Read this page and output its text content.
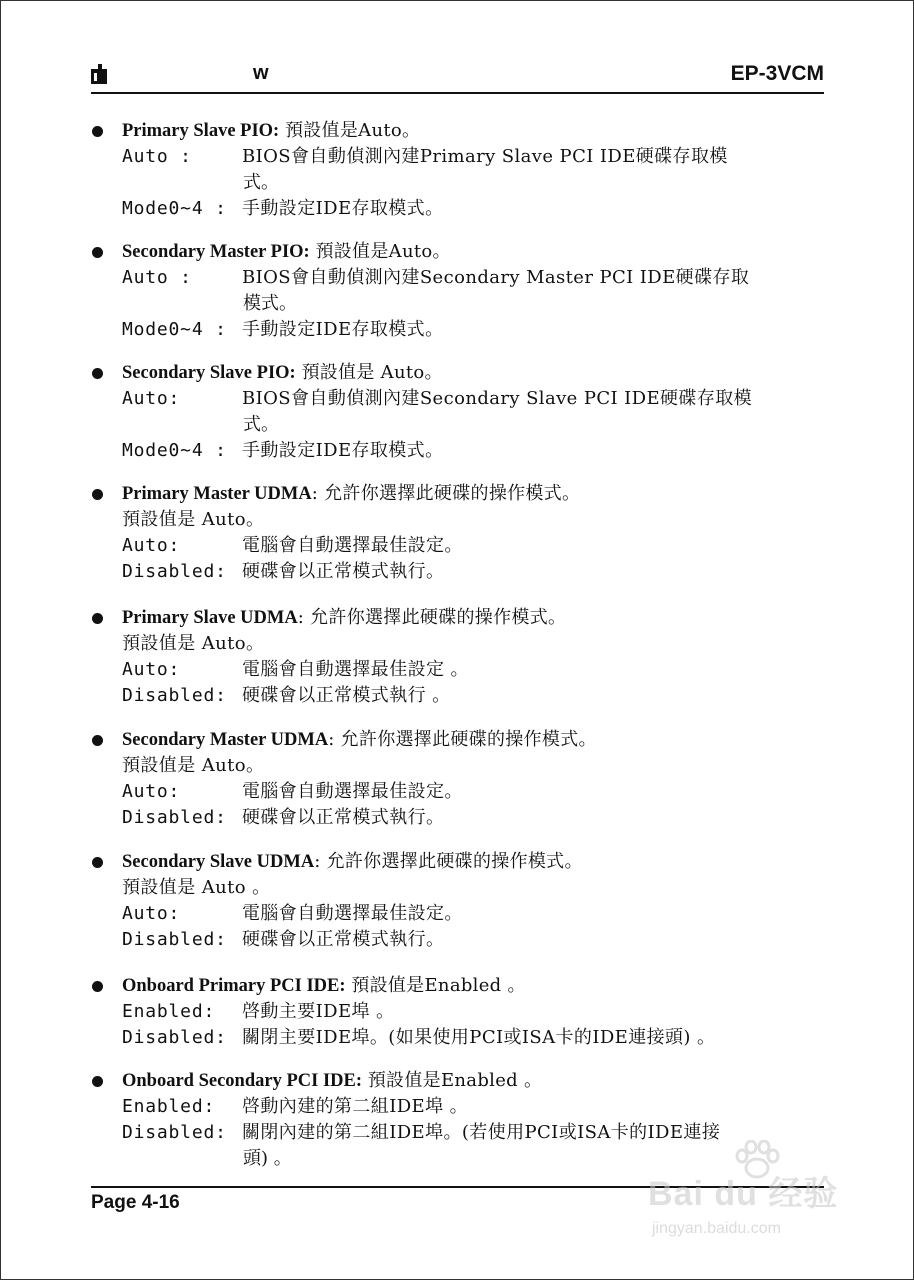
w	EP-3VCM
Primary Slave PIO: 預設值是Auto。
Auto :	BIOS會自動偵測內建Primary Slave PCI IDE硬碟存取模
式。
Mode0~4 : 手動設定IDE存取模式。
Secondary Master PIO: 預設值是Auto。
Auto :	BIOS會自動偵測內建Secondary Master PCI IDE硬碟存取
模式。
Mode0~4 : 手動設定IDE存取模式。
Secondary Slave PIO: 預設值是 Auto。
Auto:	BIOS會自動偵測內建Secondary Slave PCI IDE硬碟存取模
式。
Mode0~4 : 手動設定IDE存取模式。
Primary Master UDMA: 允許你選擇此硬碟的操作模式。
預設值是 Auto。
Auto:	電腦會自動選擇最佳設定。
Disabled: 硬碟會以正常模式執行。
Primary Slave UDMA: 允許你選擇此硬碟的操作模式。
預設值是 Auto。
Auto:	電腦會自動選擇最佳設定 。
Disabled: 硬碟會以正常模式執行 。
Secondary Master UDMA: 允許你選擇此硬碟的操作模式。
預設值是 Auto。
Auto:	電腦會自動選擇最佳設定。
Disabled: 硬碟會以正常模式執行。
Secondary Slave UDMA: 允許你選擇此硬碟的操作模式。
預設值是 Auto 。
Auto:	電腦會自動選擇最佳設定。
Disabled: 硬碟會以正常模式執行。
Onboard Primary PCI IDE: 預設值是Enabled 。
Enabled: 啓動主要IDE埠 。
Disabled: 關閉主要IDE埠。(如果使用PCI或ISA卡的IDE連接頭) 。
Onboard Secondary PCI IDE: 預設值是Enabled 。
Enabled: 啓動內建的第二組IDE埠 。
Disabled: 關閉內建的第二組IDE埠。(若使用PCI或ISA卡的IDE連接
頭) 。
Page 4-16	Bai du 经验
jingyan.baidu.com
